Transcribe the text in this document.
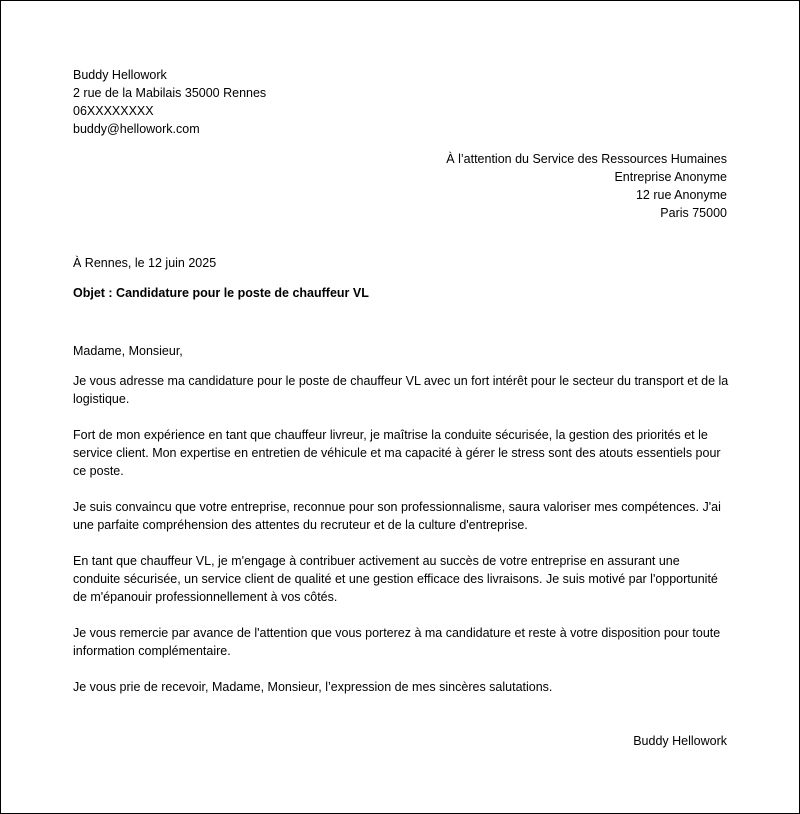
Buddy Hellowork
2 rue de la Mabilais 35000 Rennes
06XXXXXXXX
buddy@hellowork.com
À l’attention du Service des Ressources Humaines
Entreprise Anonyme
12 rue Anonyme
Paris 75000
À Rennes, le 12 juin 2025
Objet : Candidature pour le poste de chauffeur VL

Madame, Monsieur,

Je vous adresse ma candidature pour le poste de chauffeur VL avec un fort intérêt pour le secteur du transport et de la logistique.

Fort de mon expérience en tant que chauffeur livreur, je maîtrise la conduite sécurisée, la gestion des priorités et le service client. Mon expertise en entretien de véhicule et ma capacité à gérer le stress sont des atouts essentiels pour ce poste.

Je suis convaincu que votre entreprise, reconnue pour son professionnalisme, saura valoriser mes compétences. J'ai une parfaite compréhension des attentes du recruteur et de la culture d'entreprise.

En tant que chauffeur VL, je m'engage à contribuer activement au succès de votre entreprise en assurant une conduite sécurisée, un service client de qualité et une gestion efficace des livraisons. Je suis motivé par l'opportunité de m'épanouir professionnellement à vos côtés.

Je vous remercie par avance de l'attention que vous porterez à ma candidature et reste à votre disposition pour toute information complémentaire.

Je vous prie de recevoir, Madame, Monsieur, l’expression de mes sincères salutations.

Buddy Hellowork
